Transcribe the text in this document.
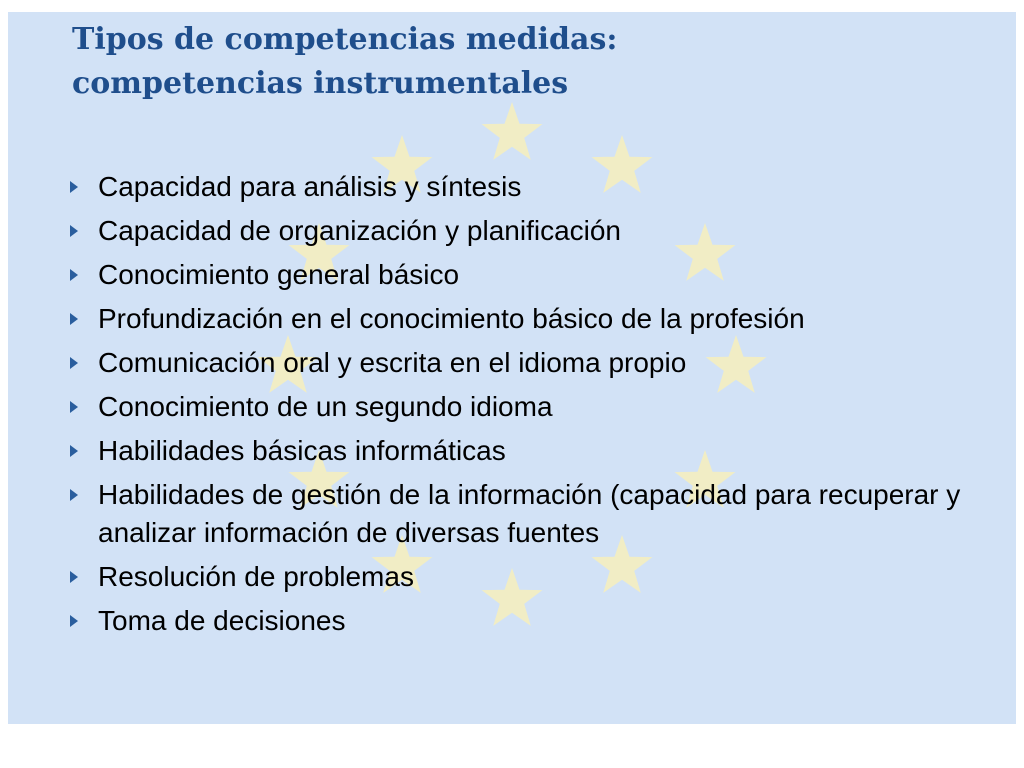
Tipos de competencias medidas:
competencias instrumentales
Capacidad para análisis y síntesis
Capacidad de organización y planificación
Conocimiento general básico
Profundización en el conocimiento básico de la profesión
Comunicación oral y escrita en el idioma propio
Conocimiento de un segundo idioma
Habilidades básicas informáticas
Habilidades de gestión de la información (capacidad para recuperar y analizar información de diversas fuentes
Resolución de problemas
Toma de decisiones
